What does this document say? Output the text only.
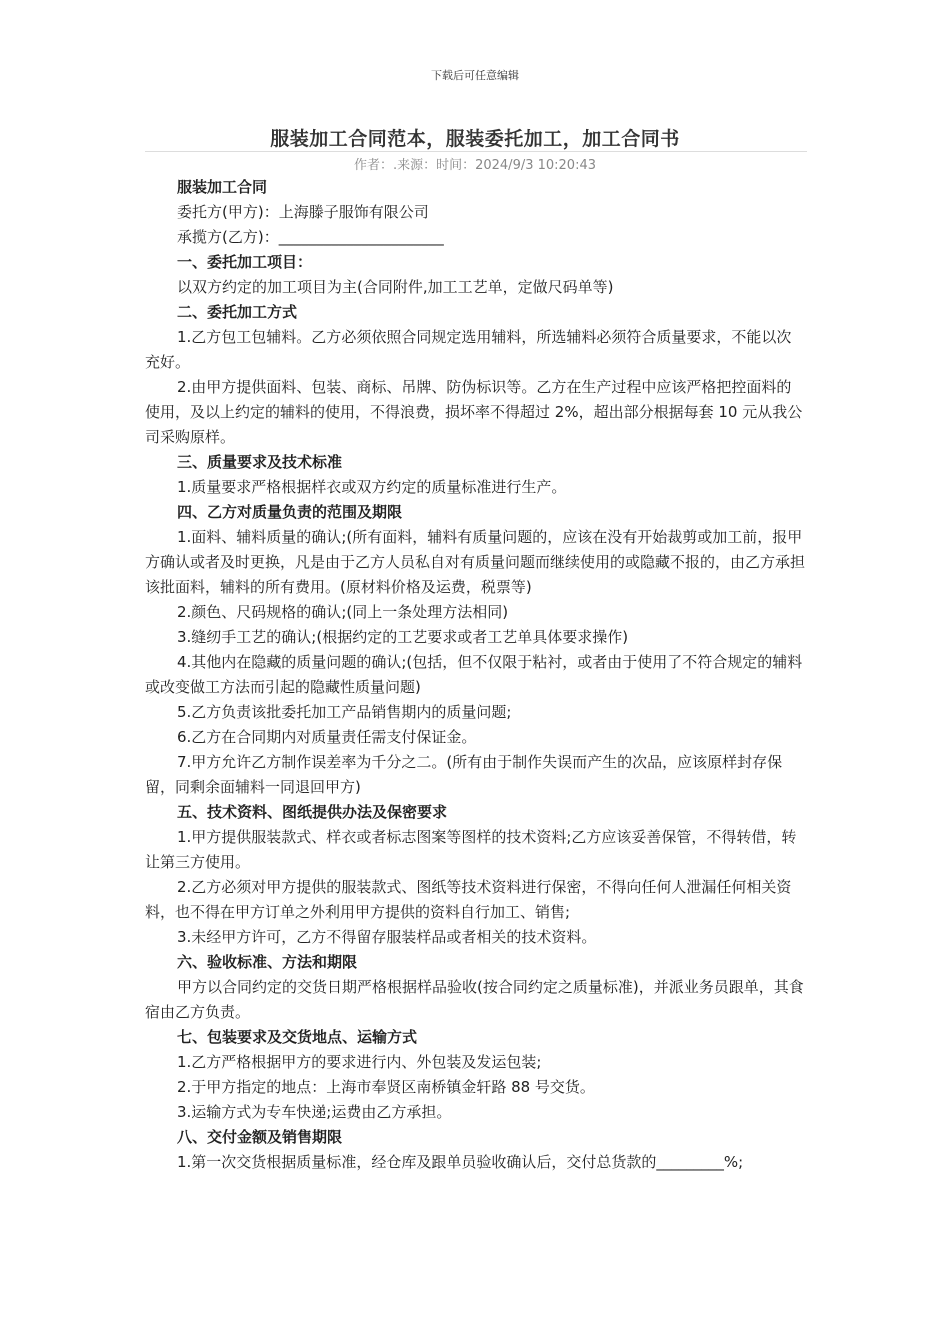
下载后可任意编辑
服装加工合同范本，服装委托加工，加工合同书
作者：.来源：时间：2024/9/3 10:20:43

服装加工合同

委托方(甲方)：上海滕子服饰有限公司

承揽方(乙方)：______________________

一、委托加工项目：

以双方约定的加工项目为主(合同附件,加工工艺单，定做尺码单等)

二、委托加工方式

1.乙方包工包辅料。乙方必须依照合同规定选用辅料，所选辅料必须符合质量要求，不能以次充好。

2.由甲方提供面料、包装、商标、吊牌、防伪标识等。乙方在生产过程中应该严格把控面料的使用，及以上约定的辅料的使用，不得浪费，损坏率不得超过 2%，超出部分根据每套 10 元从我公司采购原样。

三、质量要求及技术标准

1.质量要求严格根据样衣或双方约定的质量标准进行生产。

四、乙方对质量负责的范围及期限

1.面料、辅料质量的确认;(所有面料，辅料有质量问题的，应该在没有开始裁剪或加工前，报甲方确认或者及时更换，凡是由于乙方人员私自对有质量问题而继续使用的或隐藏不报的，由乙方承担该批面料，辅料的所有费用。(原材料价格及运费，税票等)

2.颜色、尺码规格的确认;(同上一条处理方法相同)

3.缝纫手工艺的确认;(根据约定的工艺要求或者工艺单具体要求操作)

4.其他内在隐藏的质量问题的确认;(包括，但不仅限于粘衬，或者由于使用了不符合规定的辅料或改变做工方法而引起的隐藏性质量问题)

5.乙方负责该批委托加工产品销售期内的质量问题;

6.乙方在合同期内对质量责任需支付保证金。

7.甲方允许乙方制作误差率为千分之二。(所有由于制作失误而产生的次品，应该原样封存保留，同剩余面辅料一同退回甲方)

五、技术资料、图纸提供办法及保密要求

1.甲方提供服装款式、样衣或者标志图案等图样的技术资料;乙方应该妥善保管，不得转借，转让第三方使用。

2.乙方必须对甲方提供的服装款式、图纸等技术资料进行保密，不得向任何人泄漏任何相关资料，也不得在甲方订单之外利用甲方提供的资料自行加工、销售;

3.未经甲方许可，乙方不得留存服装样品或者相关的技术资料。

六、验收标准、方法和期限

甲方以合同约定的交货日期严格根据样品验收(按合同约定之质量标准)，并派业务员跟单，其食宿由乙方负责。

七、包装要求及交货地点、运输方式

1.乙方严格根据甲方的要求进行内、外包装及发运包装;

2.于甲方指定的地点：上海市奉贤区南桥镇金轩路 88 号交货。

3.运输方式为专车快递;运费由乙方承担。

八、交付金额及销售期限

1.第一次交货根据质量标准，经仓库及跟单员验收确认后，交付总货款的_________%;
